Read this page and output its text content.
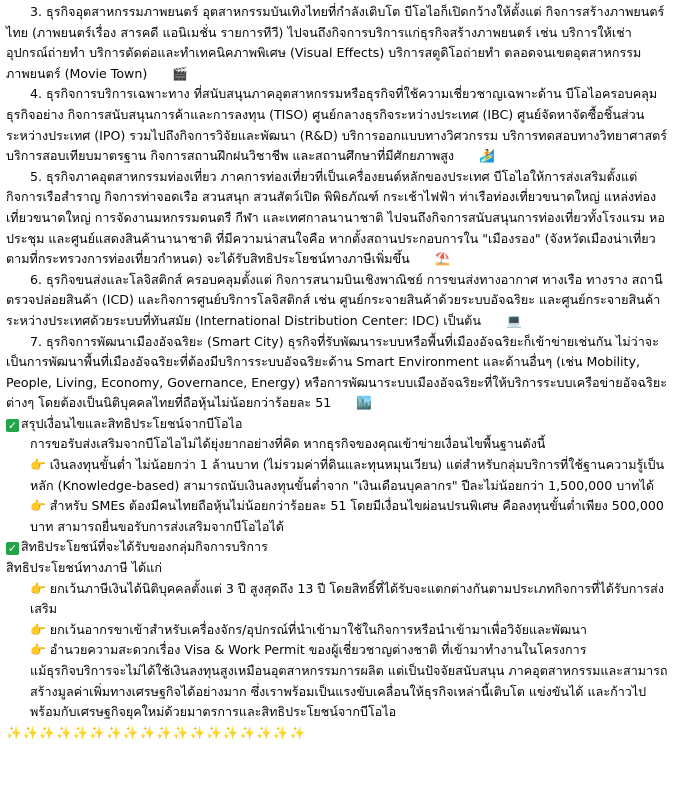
3. ธุรกิจอุตสาหกรรมภาพยนตร์ อุตสาหกรรมบันเทิงไทยที่กำลังเติบโต บีโอไอก็เปิดกว้างให้ตั้งแต่ กิจการสร้างภาพยนตร์ไทย (ภาพยนตร์เรื่อง สารคดี แอนิเมชั่น รายการทีวี) ไปจนถึงกิจการบริการแก่ธุรกิจสร้างภาพยนตร์ เช่น บริการให้เช่าอุปกรณ์ถ่ายทำ บริการตัดต่อและทำเทคนิคภาพพิเศษ (Visual Effects) บริการสตูดิโอถ่ายทำ ตลอดจนเขตอุตสาหกรรมภาพยนตร์ (Movie Town) 🎬

4. ธุรกิจการบริการเฉพาะทาง ที่สนับสนุนภาคอุตสาหกรรมหรือธุรกิจที่ใช้ความเชี่ยวชาญเฉพาะด้าน บีโอไอครอบคลุมธุรกิจอย่าง กิจการสนับสนุนการค้าและการลงทุน (TISO) ศูนย์กลางธุรกิจระหว่างประเทศ (IBC) ศูนย์จัดหาจัดซื้อชิ้นส่วนระหว่างประเทศ (IPO) รวมไปถึงกิจการวิจัยและพัฒนา (R&D) บริการออกแบบทางวิศวกรรม บริการทดสอบทางวิทยาศาสตร์ บริการสอบเทียบมาตรฐาน กิจการสถานฝึกฝนวิชาชีพ และสถานศึกษาที่มีศักยภาพสูง 🏄

5. ธุรกิจภาคอุตสาหกรรมท่องเที่ยว ภาคการท่องเที่ยวที่เป็นเครื่องยนต์หลักของประเทศ บีโอไอให้การส่งเสริมตั้งแต่ กิจการเรือสำราญ กิจการท่าจอดเรือ สวนสนุก สวนสัตว์เปิด พิพิธภัณฑ์ กระเช้าไฟฟ้า ท่าเรือท่องเที่ยวขนาดใหญ่ แหล่งท่องเที่ยวขนาดใหญ่ การจัดงานมหกรรมดนตรี กีฬา และเทศกาลนานาชาติ ไปจนถึงกิจการสนับสนุนการท่องเที่ยวทั้งโรงแรม หอประชุม และศูนย์แสดงสินค้านานาชาติ ที่มีความน่าสนใจคือ หากตั้งสถานประกอบการใน "เมืองรอง" (จังหวัดเมืองน่าเที่ยวตามที่กระทรวงการท่องเที่ยวกำหนด) จะได้รับสิทธิประโยชน์ทางภาษีเพิ่มขึ้น ⛱️

6. ธุรกิจขนส่งและโลจิสติกส์ ครอบคลุมตั้งแต่ กิจการสนามบินเชิงพาณิชย์ การขนส่งทางอากาศ ทางเรือ ทางราง สถานีตรวจปล่อยสินค้า (ICD) และกิจการศูนย์บริการโลจิสติกส์ เช่น ศูนย์กระจายสินค้าด้วยระบบอัจฉริยะ และศูนย์กระจายสินค้าระหว่างประเทศด้วยระบบที่ทันสมัย (International Distribution Center: IDC) เป็นต้น 💻

7. ธุรกิจการพัฒนาเมืองอัจฉริยะ (Smart City) ธุรกิจที่รับพัฒนาระบบหรือพื้นที่เมืองอัจฉริยะก็เข้าข่ายเช่นกัน ไม่ว่าจะเป็นการพัฒนาพื้นที่เมืองอัจฉริยะที่ต้องมีบริการระบบอัจฉริยะด้าน Smart Environment และด้านอื่นๆ (เช่น Mobility, People, Living, Economy, Governance, Energy) หรือการพัฒนาระบบเมืองอัจฉริยะที่ให้บริการระบบเครือข่ายอัจฉริยะต่างๆ โดยต้องเป็นนิติบุคคลไทยที่ถือหุ้นไม่น้อยกว่าร้อยละ 51 🏙️

✓ สรุปเงื่อนไขและสิทธิประโยชน์จากบีโอไอ

การขอรับส่งเสริมจากบีโอไอไม่ได้ยุ่งยากอย่างที่คิด หากธุรกิจของคุณเข้าข่ายเงื่อนไขพื้นฐานดังนี้

👉 เงินลงทุนขั้นต่ำ ไม่น้อยกว่า 1 ล้านบาท (ไม่รวมค่าที่ดินและทุนหมุนเวียน) แต่สำหรับกลุ่มบริการที่ใช้ฐานความรู้เป็นหลัก (Knowledge-based) สามารถนับเงินลงทุนขั้นต่ำจาก "เงินเดือนบุคลากร" ปีละไม่น้อยกว่า 1,500,000 บาทได้

👉 สำหรับ SMEs ต้องมีคนไทยถือหุ้นไม่น้อยกว่าร้อยละ 51 โดยมีเงื่อนไขผ่อนปรนพิเศษ คือลงทุนขั้นต่ำเพียง 500,000 บาท สามารถยื่นขอรับการส่งเสริมจากบีโอไอได้

✓ สิทธิประโยชน์ที่จะได้รับของกลุ่มกิจการบริการ

สิทธิประโยชน์ทางภาษี ได้แก่

👉 ยกเว้นภาษีเงินได้นิติบุคคลตั้งแต่ 3 ปี สูงสุดถึง 13 ปี โดยสิทธิ์ที่ได้รับจะแตกต่างกันตามประเภทกิจการที่ได้รับการส่งเสริม

👉 ยกเว้นอากรขาเข้าสำหรับเครื่องจักร/อุปกรณ์ที่นำเข้ามาใช้ในกิจการหรือนำเข้ามาเพื่อวิจัยและพัฒนา

👉 อำนวยความสะดวกเรื่อง Visa & Work Permit ของผู้เชี่ยวชาญต่างชาติ ที่เข้ามาทำงานในโครงการ

แม้ธุรกิจบริการจะไม่ได้ใช้เงินลงทุนสูงเหมือนอุตสาหกรรมการผลิต แต่เป็นปัจจัยสนับสนุน ภาคอุตสาหกรรมและสามารถสร้างมูลค่าเพิ่มทางเศรษฐกิจได้อย่างมาก ซึ่งเราพร้อมเป็นแรงขับเคลื่อนให้ธุรกิจเหล่านี้เติบโต แข่งขันได้ และก้าวไปพร้อมกับเศรษฐกิจยุคใหม่ด้วยมาตรการและสิทธิประโยชน์จากบีโอไอ

✨✨✨✨✨✨✨✨✨✨✨✨✨✨✨✨✨✨
